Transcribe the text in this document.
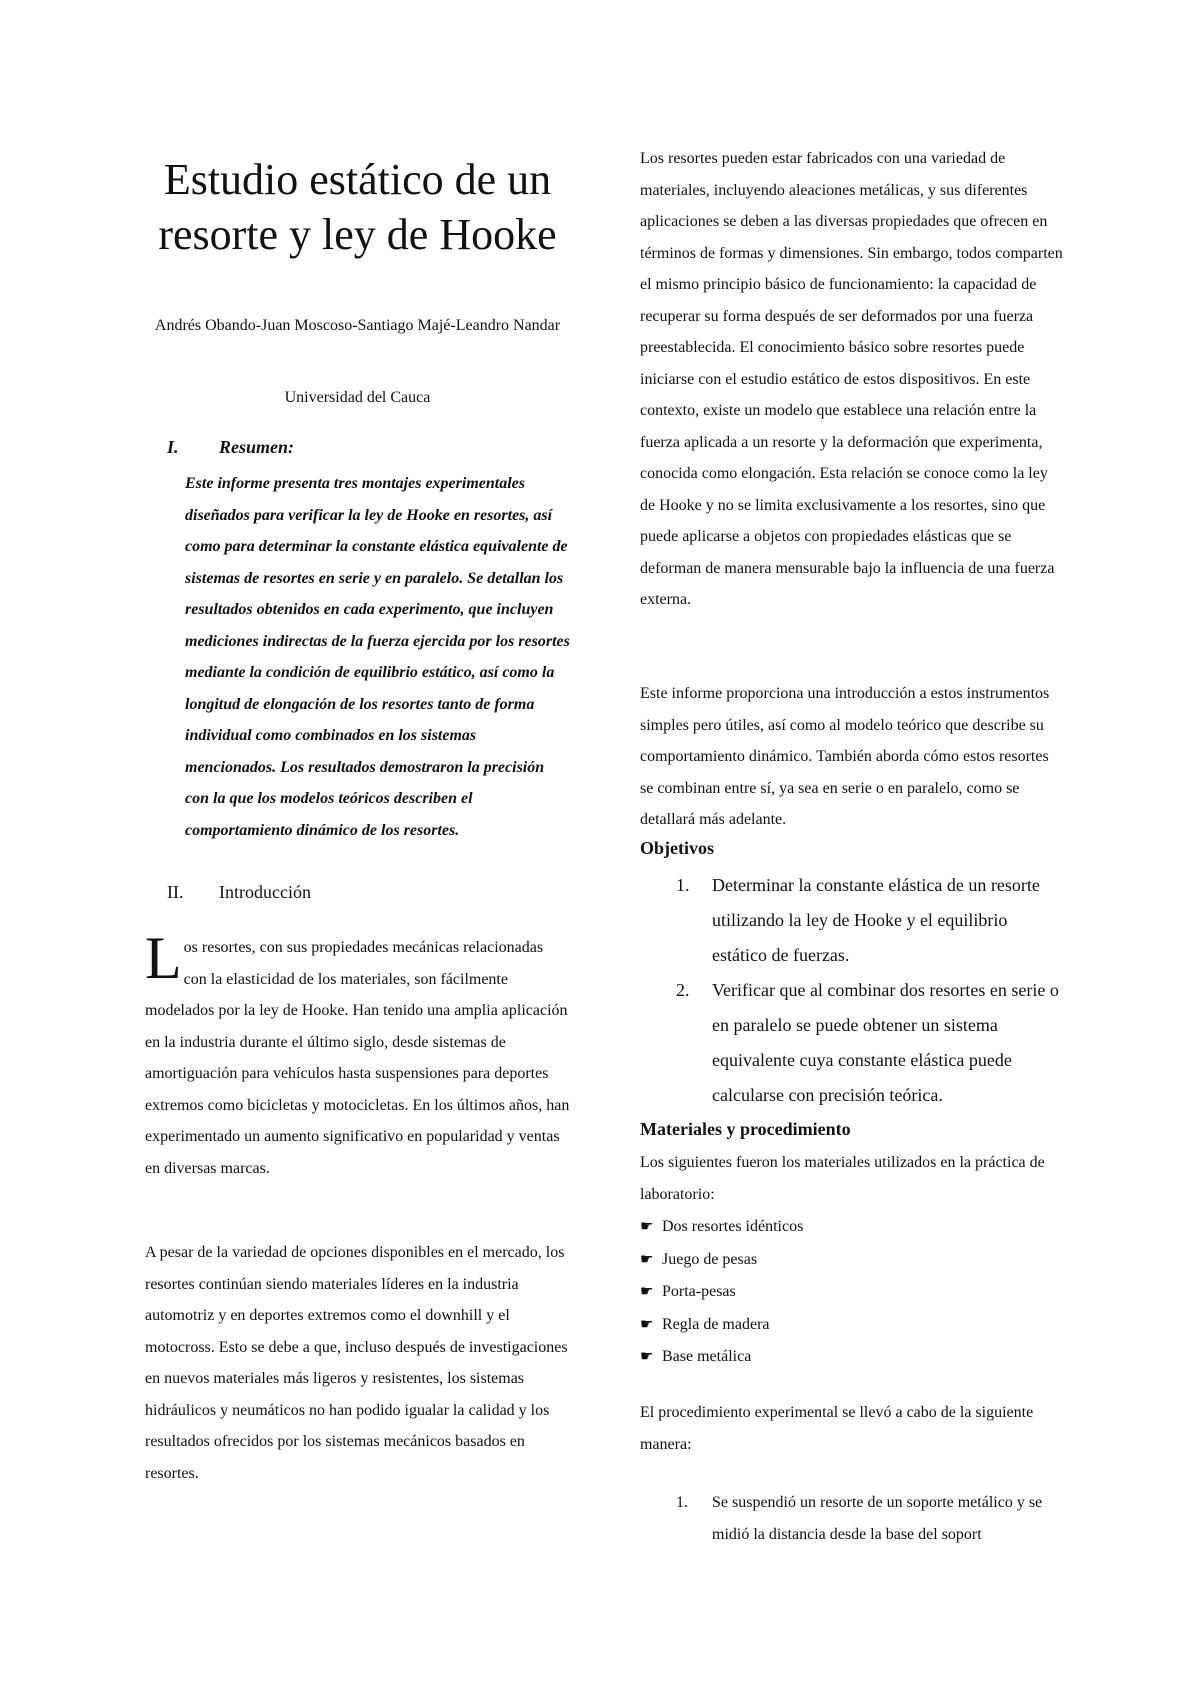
Estudio estático de un resorte y ley de Hooke

Andrés Obando-Juan Moscoso-Santiago Majé-Leandro Nandar

Universidad del Cauca

I. Resumen:

Este informe presenta tres montajes experimentales diseñados para verificar la ley de Hooke en resortes, así como para determinar la constante elástica equivalente de sistemas de resortes en serie y en paralelo. Se detallan los resultados obtenidos en cada experimento, que incluyen mediciones indirectas de la fuerza ejercida por los resortes mediante la condición de equilibrio estático, así como la longitud de elongación de los resortes tanto de forma individual como combinados en los sistemas mencionados. Los resultados demostraron la precisión con la que los modelos teóricos describen el comportamiento dinámico de los resortes.

II. Introducción

Los resortes, con sus propiedades mecánicas relacionadas con la elasticidad de los materiales, son fácilmente modelados por la ley de Hooke. Han tenido una amplia aplicación en la industria durante el último siglo, desde sistemas de amortiguación para vehículos hasta suspensiones para deportes extremos como bicicletas y motocicletas. En los últimos años, han experimentado un aumento significativo en popularidad y ventas en diversas marcas.

A pesar de la variedad de opciones disponibles en el mercado, los resortes continúan siendo materiales líderes en la industria automotriz y en deportes extremos como el downhill y el motocross. Esto se debe a que, incluso después de investigaciones en nuevos materiales más ligeros y resistentes, los sistemas hidráulicos y neumáticos no han podido igualar la calidad y los resultados ofrecidos por los sistemas mecánicos basados en resortes.

Los resortes pueden estar fabricados con una variedad de materiales, incluyendo aleaciones metálicas, y sus diferentes aplicaciones se deben a las diversas propiedades que ofrecen en términos de formas y dimensiones. Sin embargo, todos comparten el mismo principio básico de funcionamiento: la capacidad de recuperar su forma después de ser deformados por una fuerza preestablecida. El conocimiento básico sobre resortes puede iniciarse con el estudio estático de estos dispositivos. En este contexto, existe un modelo que establece una relación entre la fuerza aplicada a un resorte y la deformación que experimenta, conocida como elongación. Esta relación se conoce como la ley de Hooke y no se limita exclusivamente a los resortes, sino que puede aplicarse a objetos con propiedades elásticas que se deforman de manera mensurable bajo la influencia de una fuerza externa.

Este informe proporciona una introducción a estos instrumentos simples pero útiles, así como al modelo teórico que describe su comportamiento dinámico. También aborda cómo estos resortes se combinan entre sí, ya sea en serie o en paralelo, como se detallará más adelante.

Objetivos
1. Determinar la constante elástica de un resorte utilizando la ley de Hooke y el equilibrio estático de fuerzas.
2. Verificar que al combinar dos resortes en serie o en paralelo se puede obtener un sistema equivalente cuya constante elástica puede calcularse con precisión teórica.
Materiales y procedimiento

Los siguientes fueron los materiales utilizados en la práctica de laboratorio:

☛ Dos resortes idénticos
☛ Juego de pesas
☛ Porta-pesas
☛ Regla de madera
☛ Base metálica

El procedimiento experimental se llevó a cabo de la siguiente manera:

1. Se suspendió un resorte de un soporte metálico y se midió la distancia desde la base del soport
